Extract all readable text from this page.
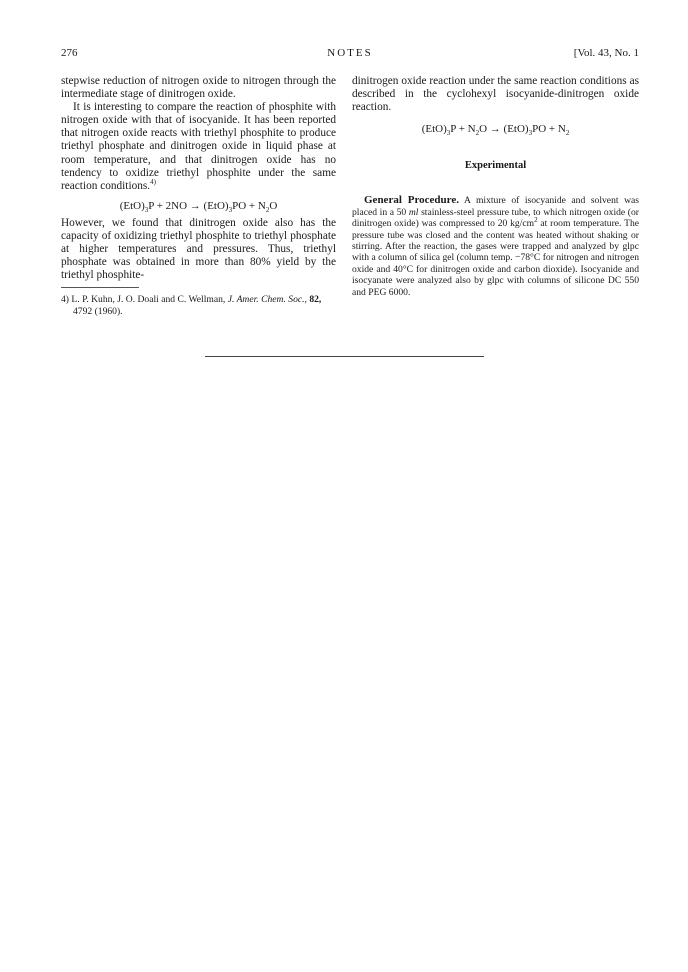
276	NOTES	[Vol. 43, No. 1

stepwise reduction of nitrogen oxide to nitrogen through the intermediate stage of dinitrogen oxide.

It is interesting to compare the reaction of phosphite with nitrogen oxide with that of isocyanide. It has been reported that nitrogen oxide reacts with triethyl phosphite to produce triethyl phosphate and dinitrogen oxide in liquid phase at room temperature, and that dinitrogen oxide has no tendency to oxidize triethyl phosphite under the same reaction conditions.$^{4)}$

$(EtO)_3P + 2NO \to (EtO)_3PO + N_2O$

However, we found that dinitrogen oxide also has the capacity of oxidizing triethyl phosphite to triethyl phosphate at higher temperatures and pressures. Thus, triethyl phosphate was obtained in more than 80% yield by the triethyl phosphite-

4) L. P. Kuhn, J. O. Doali and C. Wellman, J. Amer. Chem. Soc., 82, 4792 (1960).

dinitrogen oxide reaction under the same reaction conditions as described in the cyclohexyl isocyanide-dinitrogen oxide reaction.

$(EtO)_3P + N_2O \to (EtO)_3PO + N_2$

Experimental

General Procedure. A mixture of isocyanide and solvent was placed in a 50 ml stainless-steel pressure tube, to which nitrogen oxide (or dinitrogen oxide) was compressed to 20 $kg/cm^2$ at room temperature. The pressure tube was closed and the content was heated without shaking or stirring. After the reaction, the gases were trapped and analyzed by glpc with a column of silica gel (column temp. −78°C for nitrogen and nitrogen oxide and 40°C for dinitrogen oxide and carbon dioxide). Isocyanide and isocyanate were analyzed also by glpc with columns of silicone DC 550 and PEG 6000.
